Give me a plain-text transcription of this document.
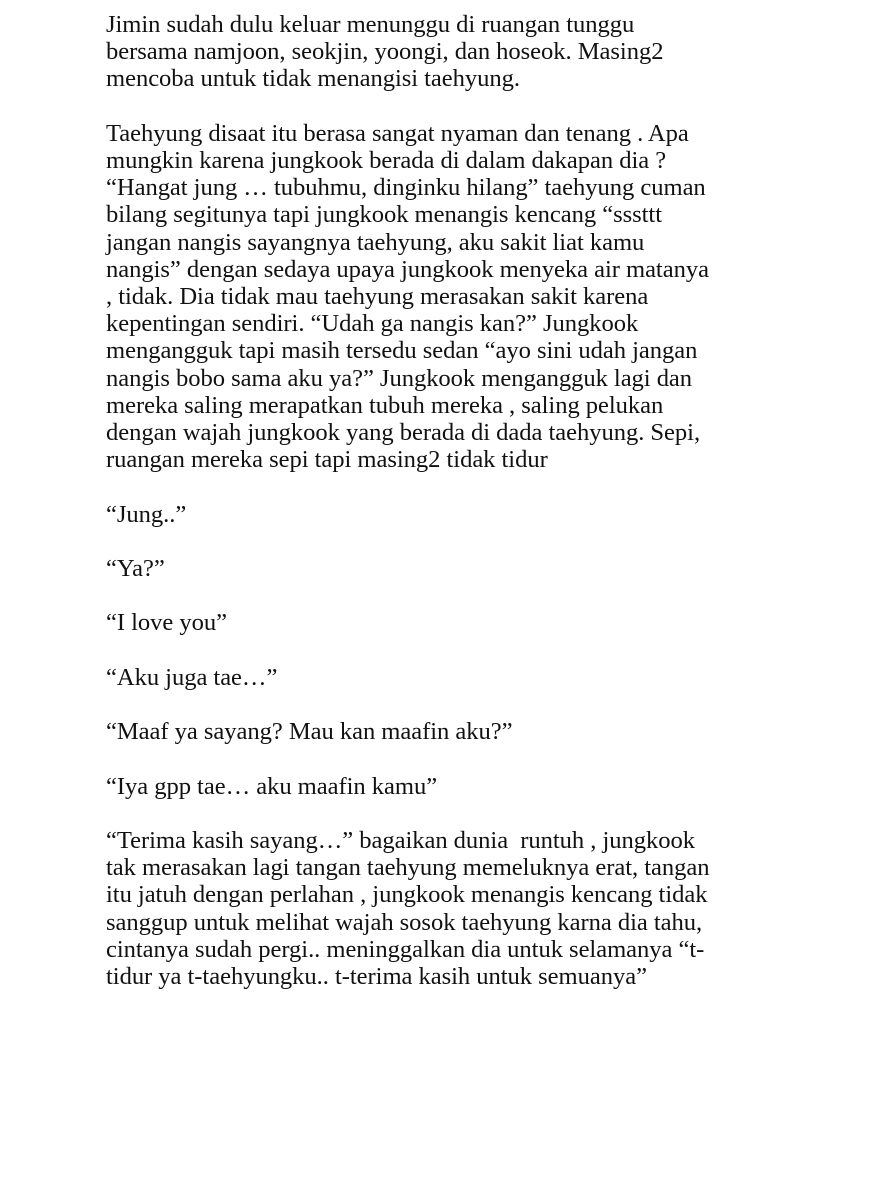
Jimin sudah dulu keluar menunggu di ruangan tunggu
bersama namjoon, seokjin, yoongi, dan hoseok. Masing2
mencoba untuk tidak menangisi taehyung.

Taehyung disaat itu berasa sangat nyaman dan tenang . Apa
mungkin karena jungkook berada di dalam dakapan dia ?
“Hangat jung … tubuhmu, dinginku hilang” taehyung cuman
bilang segitunya tapi jungkook menangis kencang “sssttt
jangan nangis sayangnya taehyung, aku sakit liat kamu
nangis” dengan sedaya upaya jungkook menyeka air matanya
, tidak. Dia tidak mau taehyung merasakan sakit karena
kepentingan sendiri. “Udah ga nangis kan?” Jungkook
mengangguk tapi masih tersedu sedan “ayo sini udah jangan
nangis bobo sama aku ya?” Jungkook mengangguk lagi dan
mereka saling merapatkan tubuh mereka , saling pelukan
dengan wajah jungkook yang berada di dada taehyung. Sepi,
ruangan mereka sepi tapi masing2 tidak tidur

“Jung..”

“Ya?”

“I love you”

“Aku juga tae…”

“Maaf ya sayang? Mau kan maafin aku?”

“Iya gpp tae… aku maafin kamu”

“Terima kasih sayang…” bagaikan dunia  runtuh , jungkook
tak merasakan lagi tangan taehyung memeluknya erat, tangan
itu jatuh dengan perlahan , jungkook menangis kencang tidak
sanggup untuk melihat wajah sosok taehyung karna dia tahu,
cintanya sudah pergi.. meninggalkan dia untuk selamanya “t-
tidur ya t-taehyungku.. t-terima kasih untuk semuanya”
